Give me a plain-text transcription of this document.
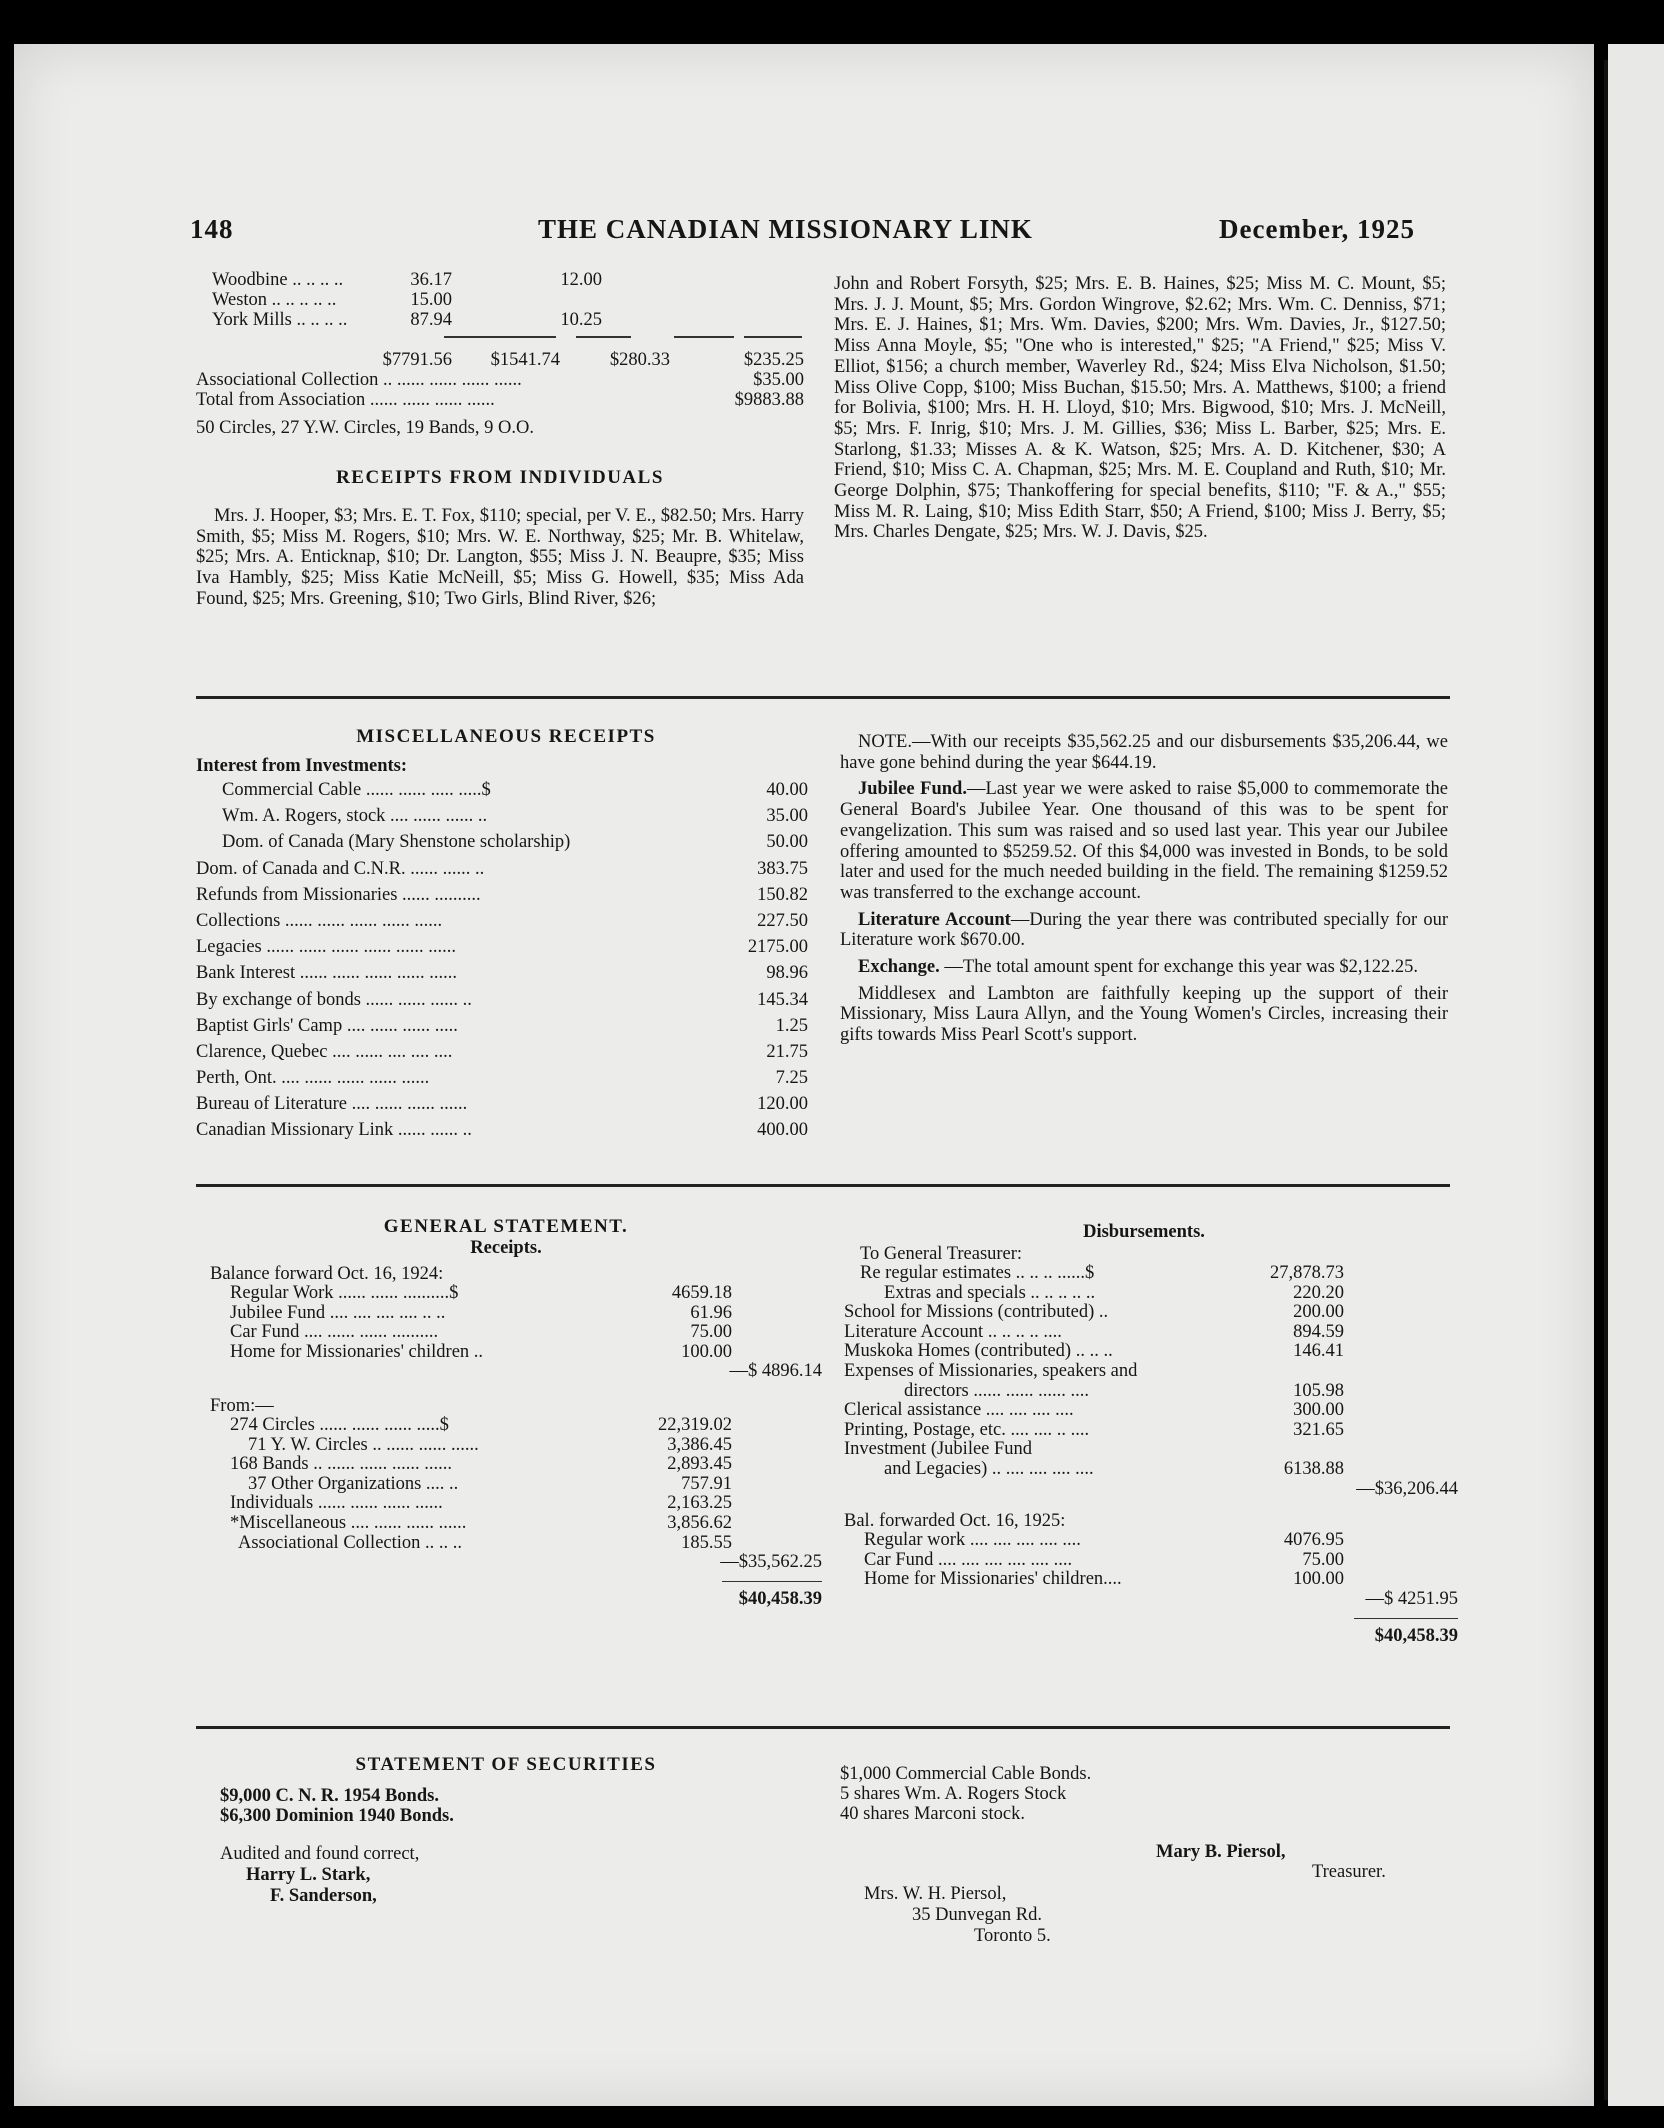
148	THE CANADIAN MISSIONARY LINK	December, 1925
Woodbine .. .. .. ..	36.17	12.00
Weston .. .. .. .. ..	15.00
York Mills .. .. .. ..	87.94	10.25
$7791.56	$1541.74	$280.33	$235.25
Associational Collection .. ...... ...... ...... ......	$35.00
Total from Association ...... ...... ...... ......	$9883.88
50 Circles, 27 Y.W. Circles, 19 Bands, 9 O.O.
RECEIPTS FROM INDIVIDUALS

Mrs. J. Hooper, $3; Mrs. E. T. Fox, $110; special, per V. E., $82.50; Mrs. Harry Smith, $5; Miss M. Rogers, $10; Mrs. W. E. Northway, $25; Mr. B. Whitelaw, $25; Mrs. A. Enticknap, $10; Dr. Langton, $55; Miss J. N. Beaupre, $35; Miss Iva Hambly, $25; Miss Katie McNeill, $5; Miss G. Howell, $35; Miss Ada Found, $25; Mrs. Greening, $10; Two Girls, Blind River, $26;

John and Robert Forsyth, $25; Mrs. E. B. Haines, $25; Miss M. C. Mount, $5; Mrs. J. J. Mount, $5; Mrs. Gordon Wingrove, $2.62; Mrs. Wm. C. Denniss, $71; Mrs. E. J. Haines, $1; Mrs. Wm. Davies, $200; Mrs. Wm. Davies, Jr., $127.50; Miss Anna Moyle, $5; "One who is interested," $25; "A Friend," $25; Miss V. Elliot, $156; a church member, Waverley Rd., $24; Miss Elva Nicholson, $1.50; Miss Olive Copp, $100; Miss Buchan, $15.50; Mrs. A. Matthews, $100; a friend for Bolivia, $100; Mrs. H. H. Lloyd, $10; Mrs. Bigwood, $10; Mrs. J. McNeill, $5; Mrs. F. Inrig, $10; Mrs. J. M. Gillies, $36; Miss L. Barber, $25; Mrs. E. Starlong, $1.33; Misses A. & K. Watson, $25; Mrs. A. D. Kitchener, $30; A Friend, $10; Miss C. A. Chapman, $25; Mrs. M. E. Coupland and Ruth, $10; Mr. George Dolphin, $75; Thankoffering for special benefits, $110; "F. & A.," $55; Miss M. R. Laing, $10; Miss Edith Starr, $50; A Friend, $100; Miss J. Berry, $5; Mrs. Charles Dengate, $25; Mrs. W. J. Davis, $25.

MISCELLANEOUS RECEIPTS
Interest from Investments:
Commercial Cable ...... ...... ..... .....$	40.00
Wm. A. Rogers, stock .... ...... ...... ..	35.00
Dom. of Canada (Mary Shenstone scholarship)	50.00
Dom. of Canada and C.N.R. ...... ...... ..	383.75
Refunds from Missionaries ...... ..........	150.82
Collections ...... ...... ...... ...... ......	227.50
Legacies ...... ...... ...... ...... ...... ......	2175.00
Bank Interest ...... ...... ...... ...... ......	98.96
By exchange of bonds ...... ...... ...... ..	145.34
Baptist Girls' Camp .... ...... ...... .....	1.25
Clarence, Quebec .... ...... .... .... ....	21.75
Perth, Ont. .... ...... ...... ...... ......	7.25
Bureau of Literature .... ...... ...... ......	120.00
Canadian Missionary Link ...... ...... ..	400.00

NOTE.—With our receipts $35,562.25 and our disbursements $35,206.44, we have gone behind during the year $644.19.

Jubilee Fund.—Last year we were asked to raise $5,000 to commemorate the General Board's Jubilee Year. One thousand of this was to be spent for evangelization. This sum was raised and so used last year. This year our Jubilee offering amounted to $5259.52. Of this $4,000 was invested in Bonds, to be sold later and used for the much needed building in the field. The remaining $1259.52 was transferred to the exchange account.

Literature Account—During the year there was contributed specially for our Literature work $670.00.

Exchange. —The total amount spent for exchange this year was $2,122.25.

Middlesex and Lambton are faithfully keeping up the support of their Missionary, Miss Laura Allyn, and the Young Women's Circles, increasing their gifts towards Miss Pearl Scott's support.

GENERAL STATEMENT.
Receipts.
Balance forward Oct. 16, 1924:
Regular Work ...... ...... ..........$	4659.18
Jubilee Fund .... .... .... .... .. ..	61.96
Car Fund .... ...... ...... ..........	75.00
Home for Missionaries' children ..	100.00
—$ 4896.14
From:—
274 Circles ...... ...... ...... .....$	22,319.02
71 Y. W. Circles .. ...... ...... ......	3,386.45
168 Bands .. ...... ...... ...... ......	2,893.45
37 Other Organizations .... ..	757.91
Individuals ...... ...... ...... ......	2,163.25
*Miscellaneous .... ...... ...... ......	3,856.62
Associational Collection .. .. ..	185.55
—$35,562.25
$40,458.39
Disbursements.
To General Treasurer:
Re regular estimates .. .. .. ......$	27,878.73
Extras and specials .. .. .. .. ..	220.20
School for Missions (contributed) ..	200.00
Literature Account .. .. .. .. ....	894.59
Muskoka Homes (contributed) .. .. ..	146.41
Expenses of Missionaries, speakers and
directors ...... ...... ...... ....	105.98
Clerical assistance .... .... .... ....	300.00
Printing, Postage, etc. .... .... .. ....	321.65
Investment (Jubilee Fund
and Legacies) .. .... .... .... ....	6138.88
—$36,206.44
Bal. forwarded Oct. 16, 1925:
Regular work .... .... .... .... ....	4076.95
Car Fund .... .... .... .... .... ....	75.00
Home for Missionaries' children....	100.00
—$ 4251.95
$40,458.39
STATEMENT OF SECURITIES
$9,000 C. N. R. 1954 Bonds.
$6,300 Dominion 1940 Bonds.
Audited and found correct,
Harry L. Stark,
F. Sanderson,
$1,000 Commercial Cable Bonds.
5 shares Wm. A. Rogers Stock
40 shares Marconi stock.
Mary B. Piersol,
Treasurer.
Mrs. W. H. Piersol,
35 Dunvegan Rd.
Toronto 5.
